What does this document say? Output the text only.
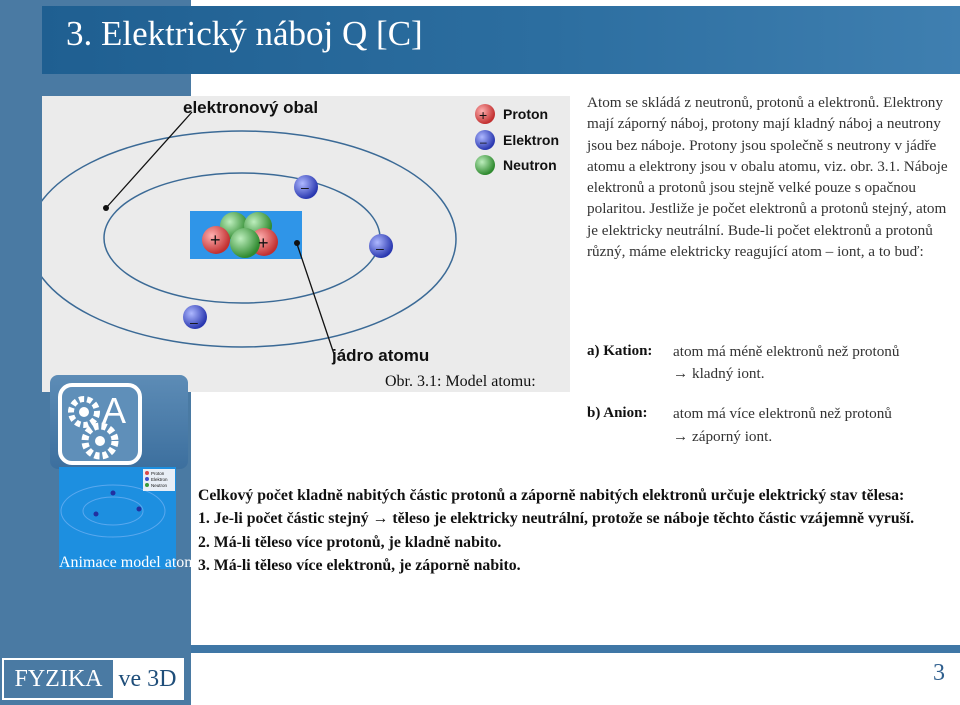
3. Elektrický náboj Q [C]
+ +
–
–
–
+
–
elektronový obal
jádro atomu
Proton
Elektron
Neutron
Obr. 3.1: Model atomu:
Atom se skládá z neutronů, protonů a elektronů. Elektrony mají záporný náboj, protony mají kladný náboj a neutrony jsou bez náboje. Protony jsou společně s neutrony v jádře atomu a elektrony jsou v obalu atomu, viz. obr. 3.1. Náboje elektronů a protonů jsou stejně velké pouze s opačnou polaritou. Jestliže je počet elektronů a protonů stejný, atom je elektricky neutrální. Bude-li počet elektronů a protonů různý, máme elektricky reagující atom – iont, a to buď:
a) Kation: atom má méně elektronů než protonů
→ kladný iont.
b) Anion: atom má více elektronů než protonů
→ záporný iont.
A
Proton
Elektron
Neutron
Animace model atomu.

Celkový počet kladně nabitých částic protonů a záporně nabitých elektronů určuje elektrický stav tělesa:

1. Je-li počet částic stejný → těleso je elektricky neutrální, protože se náboje těchto částic vzájemně vyruší.

2. Má-li těleso více protonů, je kladně nabito.

3. Má-li těleso více elektronů, je záporně nabito.

FYZIKA ve 3D	3
